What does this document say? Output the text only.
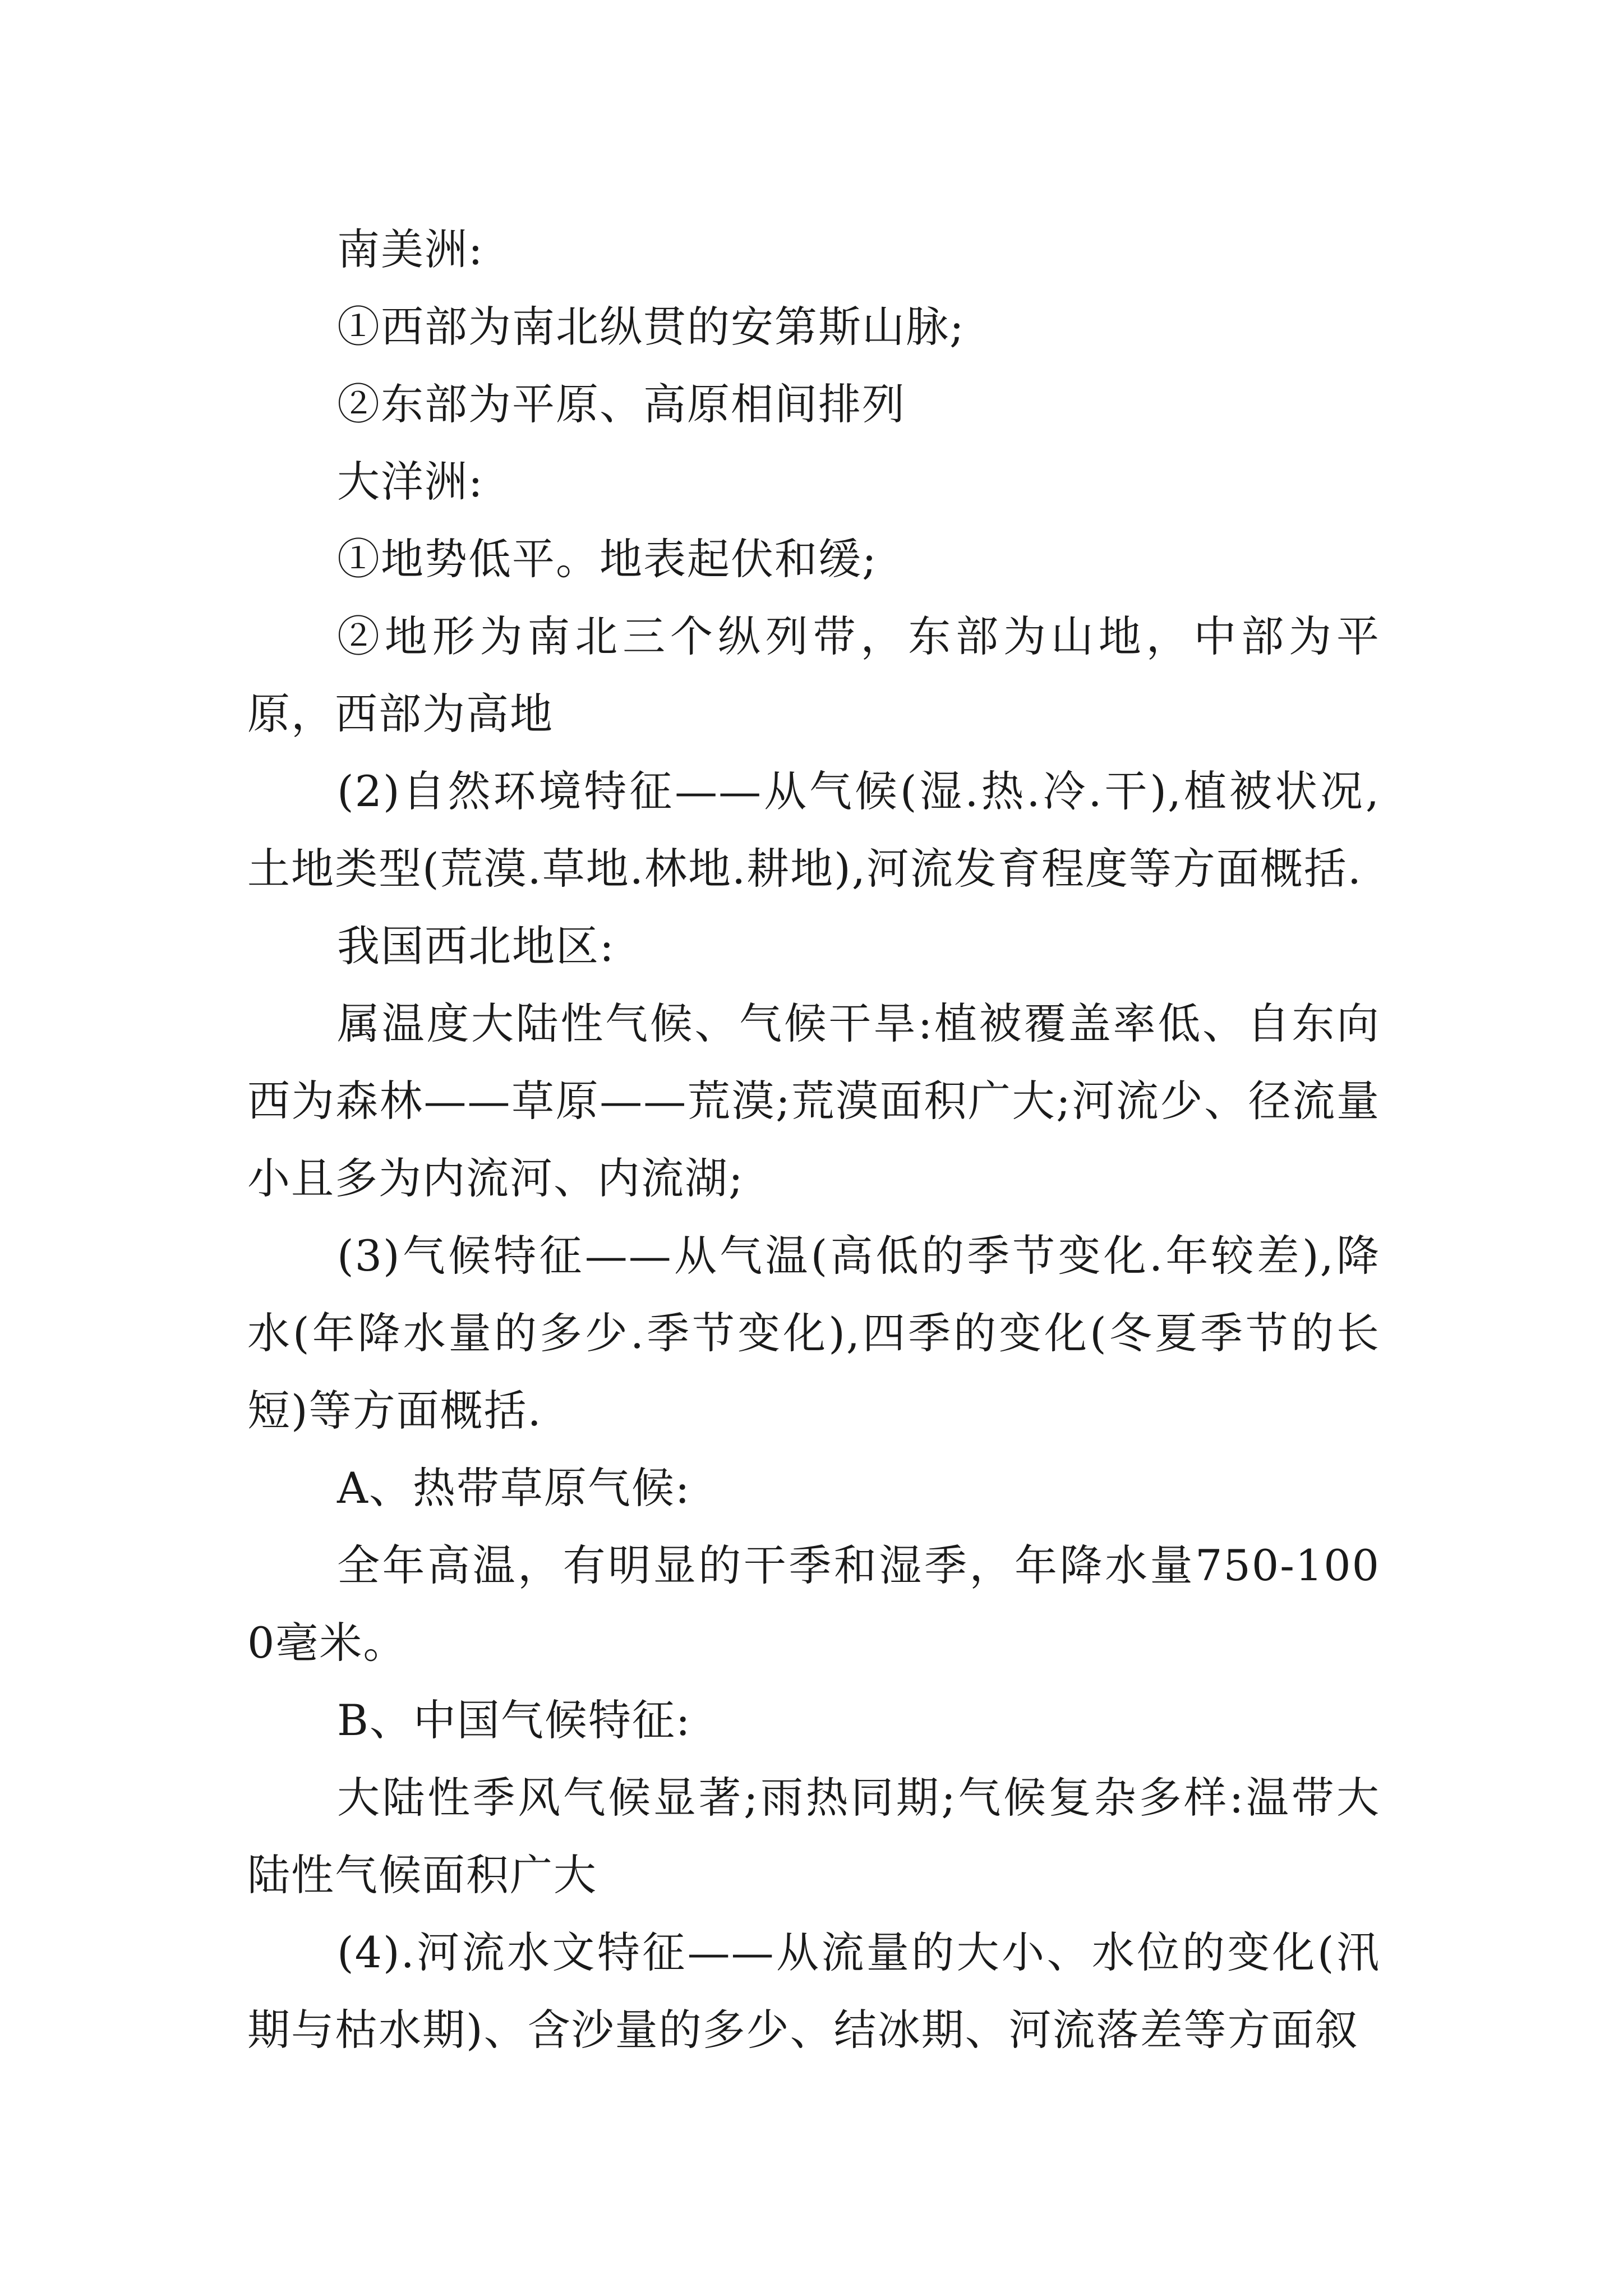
南美洲:

①西部为南北纵贯的安第斯山脉;

②东部为平原、高原相间排列

大洋洲:

①地势低平。地表起伏和缓;

②地形为南北三个纵列带，东部为山地，中部为平原，西部为高地

(2)自然环境特征——从气候(湿.热.冷.干),植被状况,土地类型(荒漠.草地.林地.耕地),河流发育程度等方面概括.

我国西北地区:

属温度大陆性气候、气候干旱:植被覆盖率低、自东向西为森林——草原——荒漠;荒漠面积广大;河流少、径流量小且多为内流河、内流湖;

(3)气候特征——从气温(高低的季节变化.年较差),降水(年降水量的多少.季节变化),四季的变化(冬夏季节的长短)等方面概括.

A、热带草原气候:

全年高温，有明显的干季和湿季，年降水量750-1000毫米。

B、中国气候特征:

大陆性季风气候显著;雨热同期;气候复杂多样:温带大陆性气候面积广大

(4).河流水文特征——从流量的大小、水位的变化(汛期与枯水期)、含沙量的多少、结冰期、河流落差等方面叙
